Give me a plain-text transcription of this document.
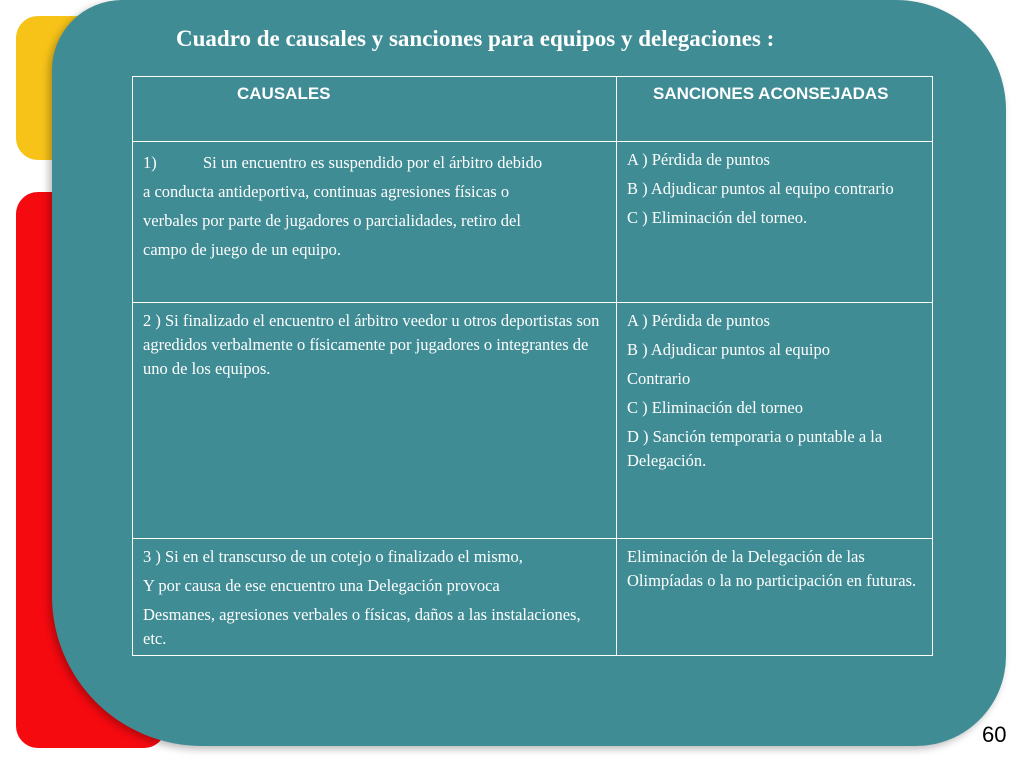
Cuadro de causales y sanciones para equipos y delegaciones :
CAUSALES	SANCIONES ACONSEJADAS

1) Si un encuentro es suspendido por el árbitro debido
a conducta antideportiva, continuas agresiones físicas o
verbales por parte de jugadores o parcialidades, retiro del
campo de juego de un equipo.	A ) Pérdida de puntos
B ) Adjudicar puntos al equipo contrario
C ) Eliminación del torneo.

2 ) Si finalizado el encuentro el árbitro veedor u otros deportistas son agredidos verbalmente o físicamente por jugadores o integrantes de uno de los equipos.	A ) Pérdida de puntos
B ) Adjudicar puntos al equipo
Contrario
C ) Eliminación del torneo
D ) Sanción temporaria o puntable a la Delegación.

3 ) Si en el transcurso de un cotejo o finalizado el mismo,
Y por causa de ese encuentro una Delegación provoca
Desmanes, agresiones verbales o físicas, daños a las instalaciones, etc.	Eliminación de la Delegación de las Olimpíadas o la no participación en futuras.
60
